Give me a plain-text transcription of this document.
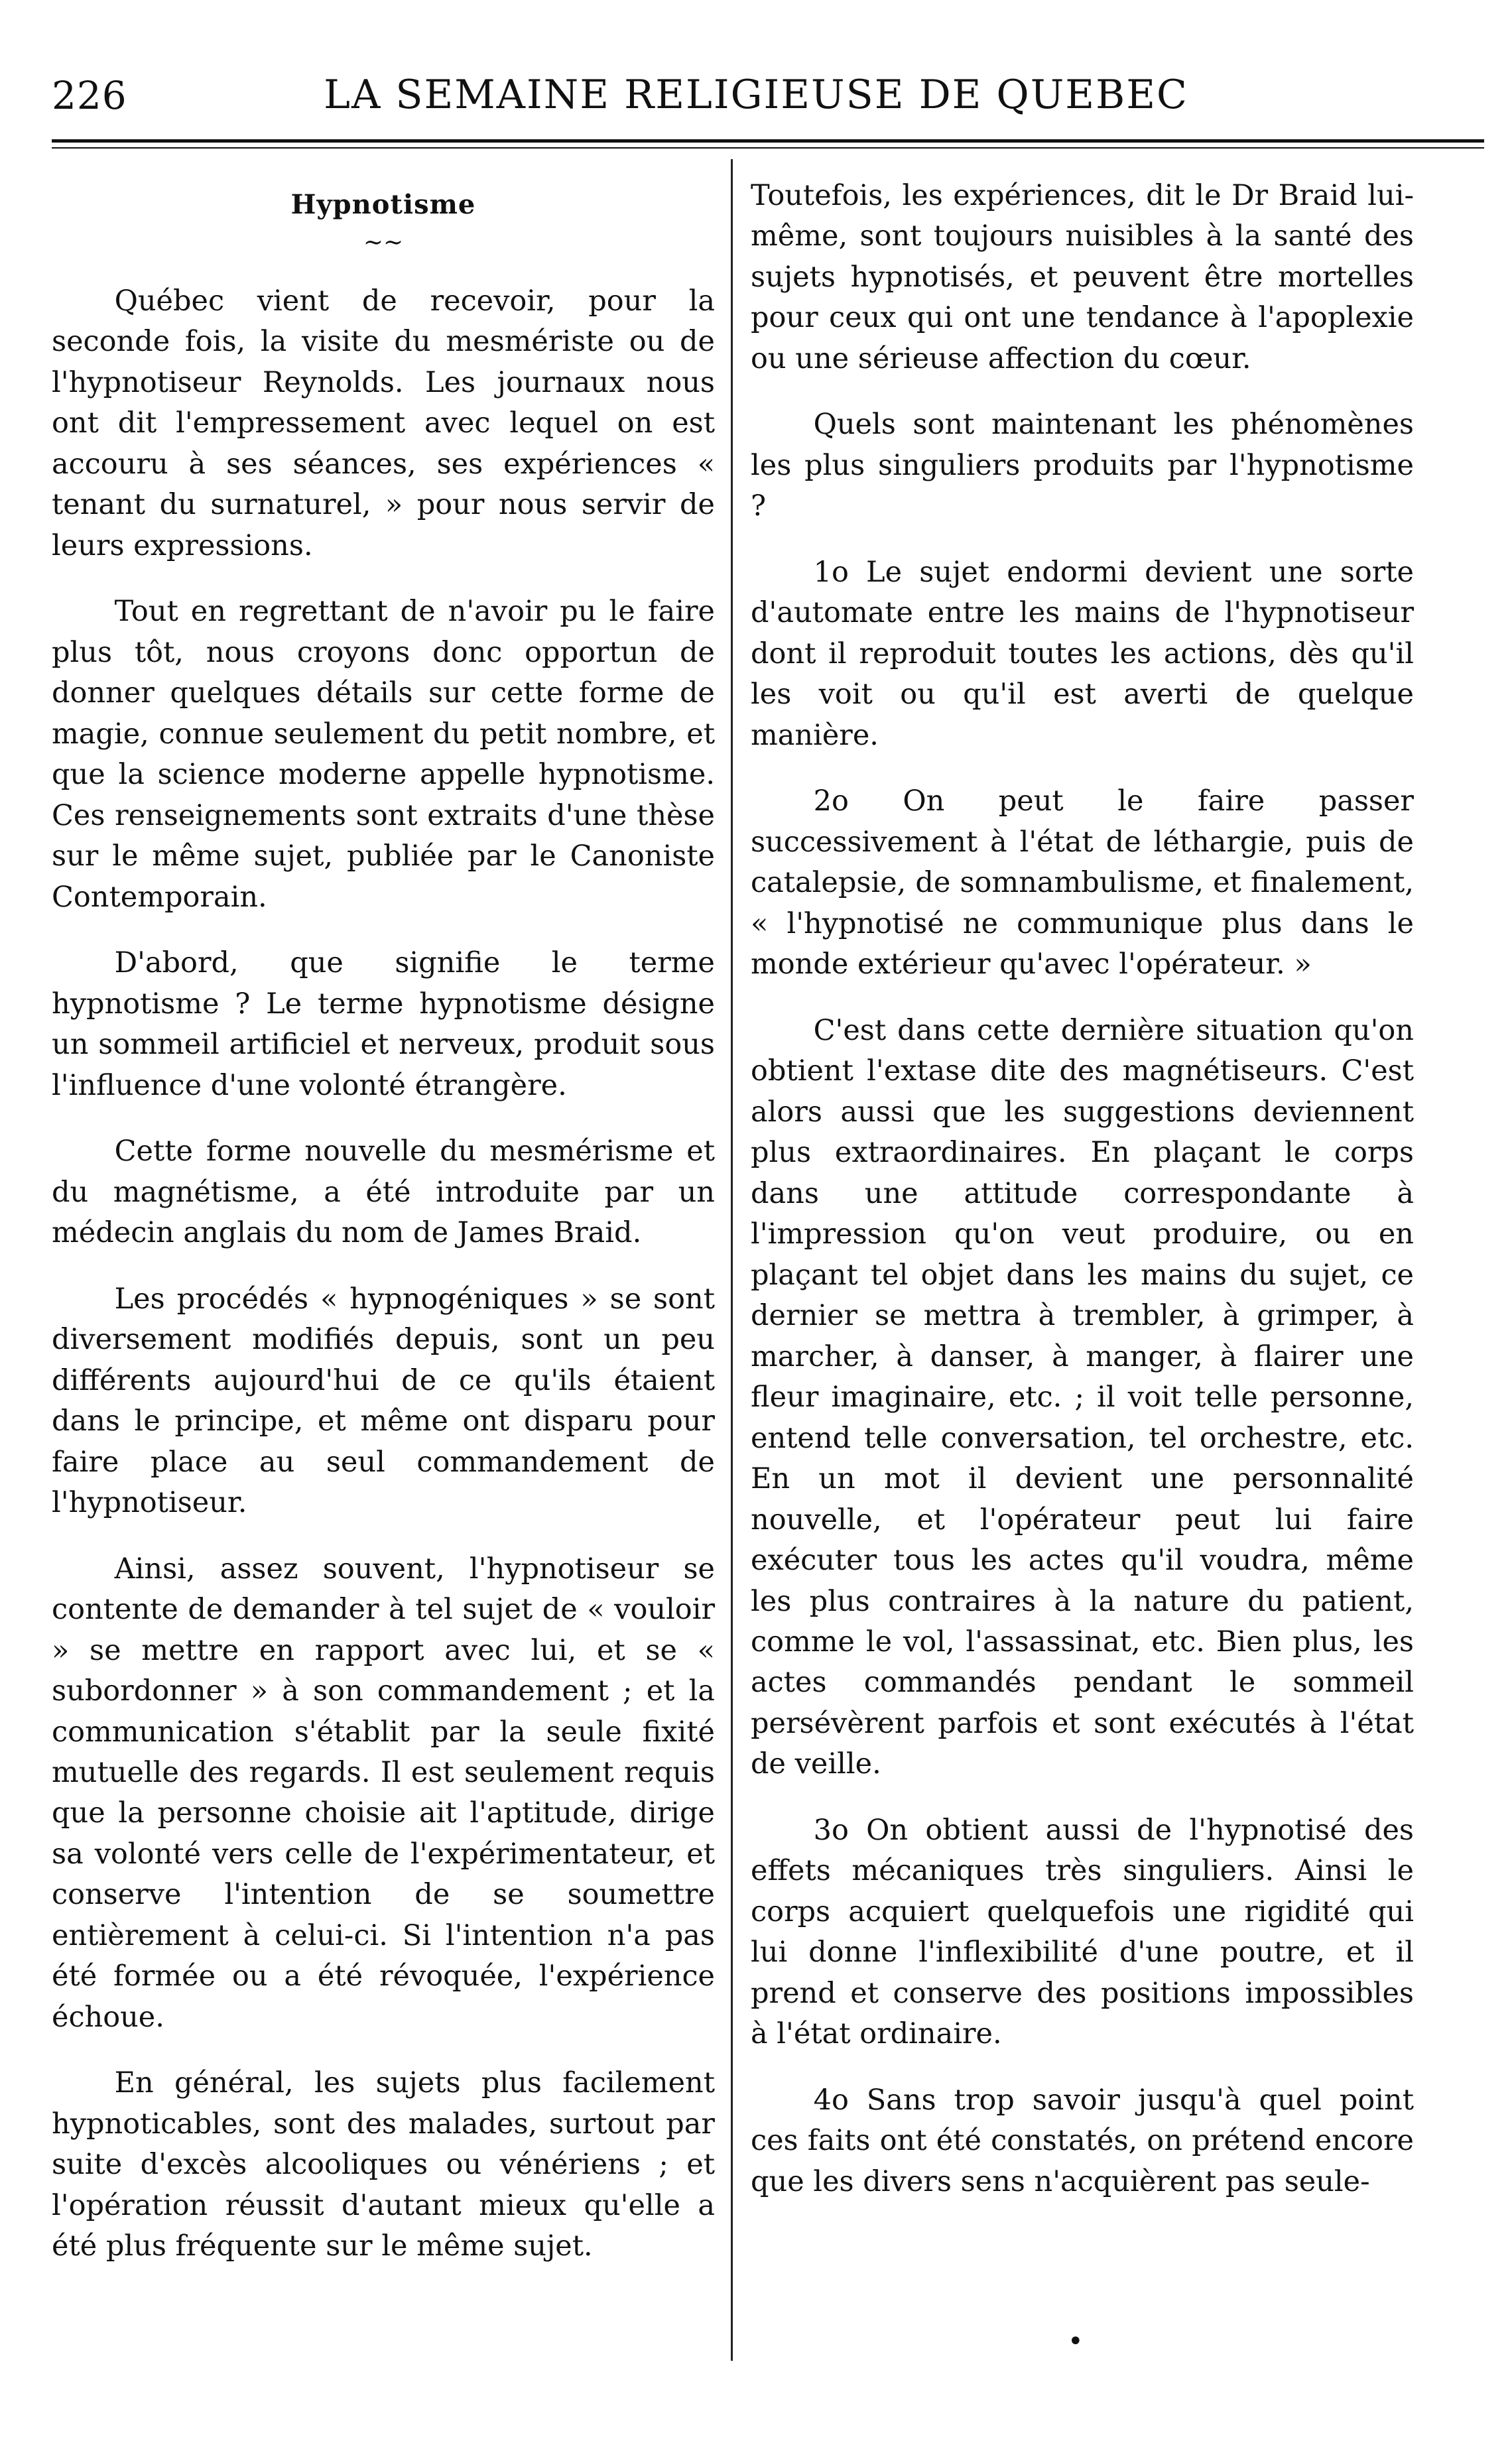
226	LA SEMAINE RELIGIEUSE DE QUEBEC
Hypnotisme
~~

Québec vient de recevoir, pour la seconde fois, la visite du mesmériste ou de l'hypnotiseur Reynolds. Les journaux nous ont dit l'empressement avec lequel on est accouru à ses séances, ses expériences « tenant du surnaturel, » pour nous servir de leurs expressions.

Tout en regrettant de n'avoir pu le faire plus tôt, nous croyons donc opportun de donner quelques détails sur cette forme de magie, connue seulement du petit nombre, et que la science moderne appelle hypnotisme. Ces renseignements sont extraits d'une thèse sur le même sujet, publiée par le Canoniste Contemporain.

D'abord, que signifie le terme hypnotisme ? Le terme hypnotisme désigne un sommeil artificiel et nerveux, produit sous l'influence d'une volonté étrangère.

Cette forme nouvelle du mesmérisme et du magnétisme, a été introduite par un médecin anglais du nom de James Braid.

Les procédés « hypnogéniques » se sont diversement modifiés depuis, sont un peu différents aujourd'hui de ce qu'ils étaient dans le principe, et même ont disparu pour faire place au seul commandement de l'hypnotiseur.

Ainsi, assez souvent, l'hypnotiseur se contente de demander à tel sujet de « vouloir » se mettre en rapport avec lui, et se « subordonner » à son commandement ; et la communication s'établit par la seule fixité mutuelle des regards. Il est seulement requis que la personne choisie ait l'aptitude, dirige sa volonté vers celle de l'expérimentateur, et conserve l'intention de se soumettre entièrement à celui-ci. Si l'intention n'a pas été formée ou a été révoquée, l'expérience échoue.

En général, les sujets plus facilement hypnoticables, sont des malades, surtout par suite d'excès alcooliques ou vénériens ; et l'opération réussit d'autant mieux qu'elle a été plus fréquente sur le même sujet.

Toutefois, les expériences, dit le Dr Braid lui-même, sont toujours nuisibles à la santé des sujets hypnotisés, et peuvent être mortelles pour ceux qui ont une tendance à l'apoplexie ou une sérieuse affection du cœur.

Quels sont maintenant les phénomènes les plus singuliers produits par l'hypnotisme ?

1o Le sujet endormi devient une sorte d'automate entre les mains de l'hypnotiseur dont il reproduit toutes les actions, dès qu'il les voit ou qu'il est averti de quelque manière.

2o On peut le faire passer successivement à l'état de léthargie, puis de catalepsie, de somnambulisme, et finalement, « l'hypnotisé ne communique plus dans le monde extérieur qu'avec l'opérateur. »

C'est dans cette dernière situation qu'on obtient l'extase dite des magnétiseurs. C'est alors aussi que les suggestions deviennent plus extraordinaires. En plaçant le corps dans une attitude correspondante à l'impression qu'on veut produire, ou en plaçant tel objet dans les mains du sujet, ce dernier se mettra à trembler, à grimper, à marcher, à danser, à manger, à flairer une fleur imaginaire, etc. ; il voit telle personne, entend telle conversation, tel orchestre, etc. En un mot il devient une personnalité nouvelle, et l'opérateur peut lui faire exécuter tous les actes qu'il voudra, même les plus contraires à la nature du patient, comme le vol, l'assassinat, etc. Bien plus, les actes commandés pendant le sommeil persévèrent parfois et sont exécutés à l'état de veille.

3o On obtient aussi de l'hypnotisé des effets mécaniques très singuliers. Ainsi le corps acquiert quelquefois une rigidité qui lui donne l'inflexibilité d'une poutre, et il prend et conserve des positions impossibles à l'état ordinaire.

4o Sans trop savoir jusqu'à quel point ces faits ont été constatés, on prétend encore que les divers sens n'acquièrent pas seule-

•
